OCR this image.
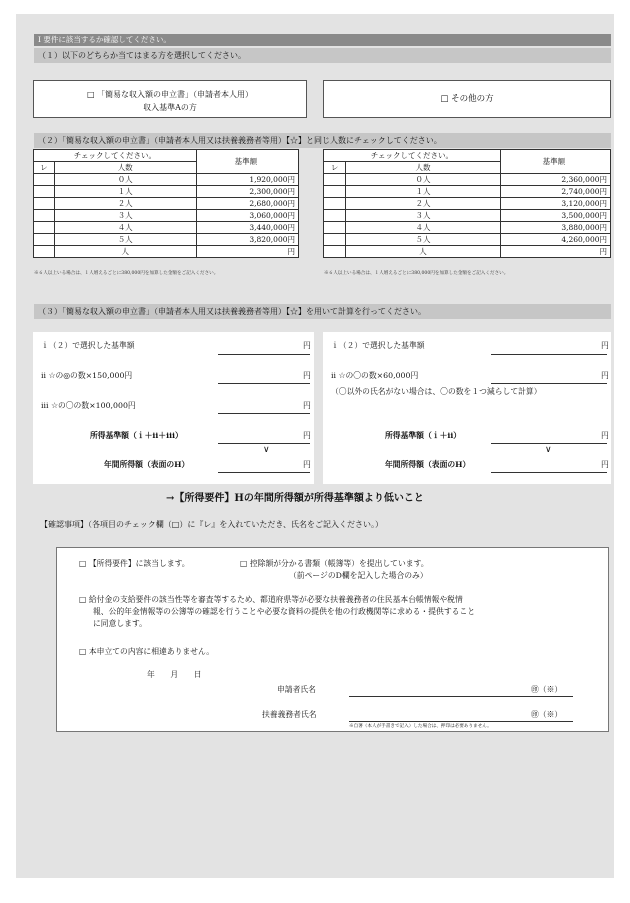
Ⅰ 要件に該当するか確認してください。
（１）以下のどちらか当てはまる方を選択してください。
□ 「簡易な収入額の申立書」（申請者本人用）
収入基準Aの方
□ その他の方
（２）「簡易な収入額の申立書」（申請者本人用又は扶養義務者等用）【☆】と同じ人数にチェックしてください。
チェックしてください。		基準額
レ	人数	
	０人	1,920,000円
	１人	2,300,000円
	２人	2,680,000円
	３人	3,060,000円
	４人	3,440,000円
	５人	3,820,000円
	人	円
チェックしてください。		基準額
レ	人数	
	０人	2,360,000円
	１人	2,740,000円
	２人	3,120,000円
	３人	3,500,000円
	４人	3,880,000円
	５人	4,260,000円
	人	円
※６人以上いる場合は、１人増えるごとに380,000円を加算した金額をご記入ください。	※６人以上いる場合は、１人増えるごとに380,000円を加算した金額をご記入ください。
（３）「簡易な収入額の申立書」（申請者本人用又は扶養義務者等用）【☆】を用いて計算を行ってください。
ｉ（２）で選択した基準額	円
ⅱ ☆の◎の数×150,000円	円
ⅲ ☆の〇の数×100,000円	円
所得基準額（ｉ＋ⅱ＋ⅲ）	円
∨
年間所得額（表面のH）	円
ｉ（２）で選択した基準額	円
ⅱ ☆の〇の数×60,000円	円
（〇以外の氏名がない場合は、〇の数を１つ減らして計算）
所得基準額（ｉ＋ⅱ）	円
∨
年間所得額（表面のH）	円
→【所得要件】Hの年間所得額が所得基準額より低いこと
【確認事項】（各項目のチェック欄（□）に『レ』を入れていただき、氏名をご記入ください。）
□ 【所得要件】に該当します。	□ 控除額が分かる書類（帳簿等）を提出しています。
（前ページのD欄を記入した場合のみ）
□ 給付金の支給要件の該当性等を審査等するため、都道府県等が必要な扶養義務者の住民基本台帳情報や税情
報、公的年金情報等の公簿等の確認を行うことや必要な資料の提供を他の行政機関等に求める・提供すること
に同意します。
□ 本申立ての内容に相違ありません。
年　　月　　日
申請者氏名	㊞（※）
扶養義務者氏名	㊞（※）
※自署（本人が手書きで記入）した場合は、押印は必要ありません。
